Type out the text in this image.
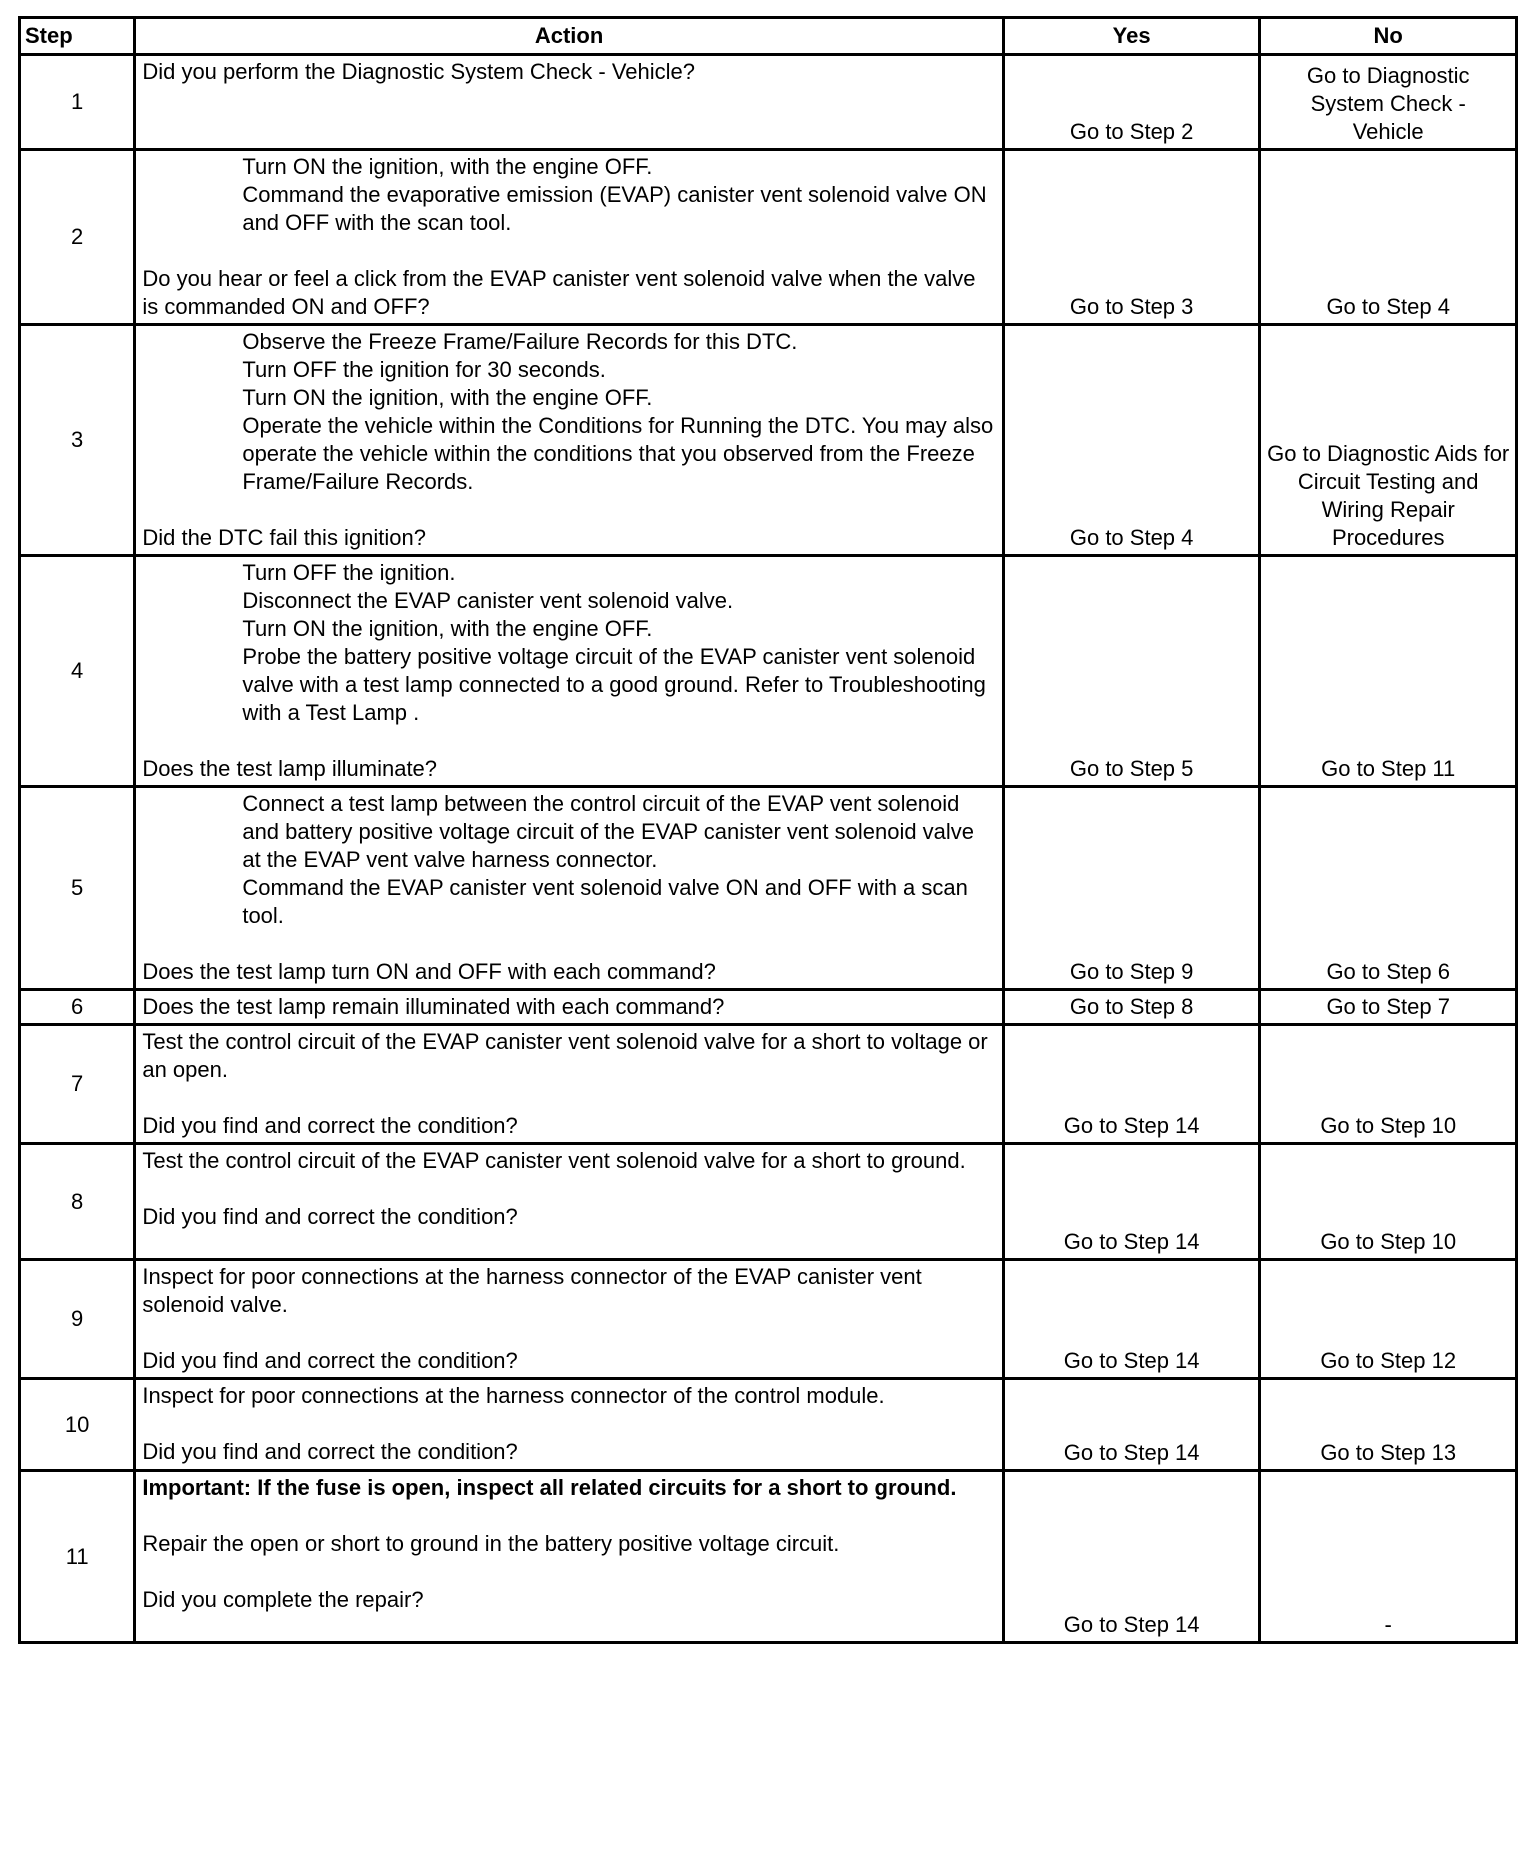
Step	Action	Yes	No
1	Did you perform the Diagnostic System Check - Vehicle?	Go to Step 2	Go to Diagnostic System Check - Vehicle

2	Turn ON the ignition, with the engine OFF.
Command the evaporative emission (EVAP) canister vent solenoid valve ON and OFF with the scan tool.
Do you hear or feel a click from the EVAP canister vent solenoid valve when the valve is commanded ON and OFF?	Go to Step 3	Go to Step 4
3	Observe the Freeze Frame/Failure Records for this DTC.
Turn OFF the ignition for 30 seconds.
Turn ON the ignition, with the engine OFF.
Operate the vehicle within the Conditions for Running the DTC. You may also operate the vehicle within the conditions that you observed from the Freeze Frame/Failure Records.
Did the DTC fail this ignition?	Go to Step 4	Go to Diagnostic Aids for Circuit Testing and Wiring Repair Procedures

4	Turn OFF the ignition.
Disconnect the EVAP canister vent solenoid valve.
Turn ON the ignition, with the engine OFF.
Probe the battery positive voltage circuit of the EVAP canister vent solenoid valve with a test lamp connected to a good ground. Refer to Troubleshooting with a Test Lamp .
Does the test lamp illuminate?	Go to Step 5	Go to Step 11
5	Connect a test lamp between the control circuit of the EVAP vent solenoid and battery positive voltage circuit of the EVAP canister vent solenoid valve at the EVAP vent valve harness connector.
Command the EVAP canister vent solenoid valve ON and OFF with a scan tool.
Does the test lamp turn ON and OFF with each command?	Go to Step 9	Go to Step 6
6	Does the test lamp remain illuminated with each command?	Go to Step 8	Go to Step 7
7	Test the control circuit of the EVAP canister vent solenoid valve for a short to voltage or an open.
Did you find and correct the condition?	Go to Step 14	Go to Step 10
8	Test the control circuit of the EVAP canister vent solenoid valve for a short to ground.
Did you find and correct the condition?	Go to Step 14	Go to Step 10
9	Inspect for poor connections at the harness connector of the EVAP canister vent solenoid valve.
Did you find and correct the condition?	Go to Step 14	Go to Step 12
10	Inspect for poor connections at the harness connector of the control module.
Did you find and correct the condition?	Go to Step 14	Go to Step 13
11	Important: If the fuse is open, inspect all related circuits for a short to ground.
Repair the open or short to ground in the battery positive voltage circuit.
Did you complete the repair?	Go to Step 14	-
